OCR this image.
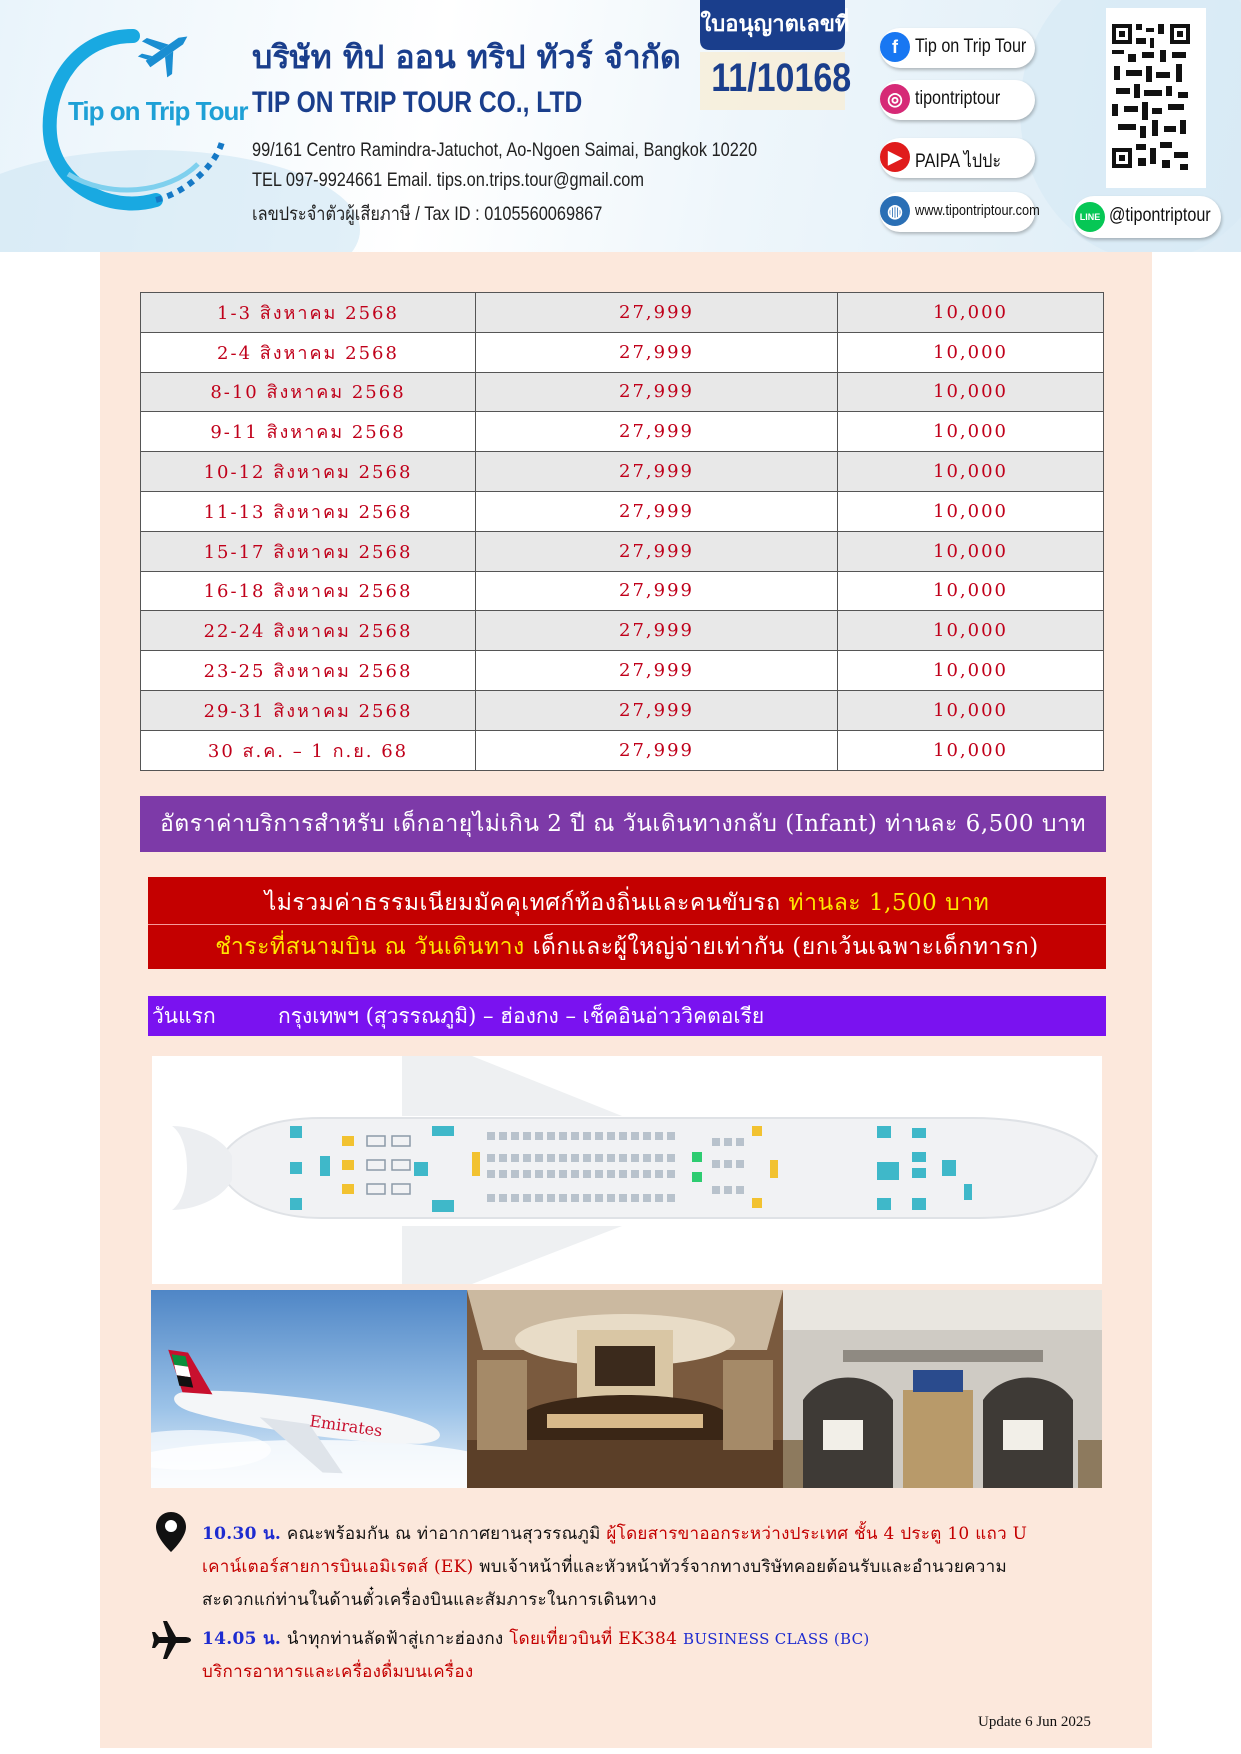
Tip on Trip Tour
บริษัท ทิป ออน ทริป ทัวร์ จำกัด
TIP ON TRIP TOUR CO., LTD
99/161 Centro Ramindra-Jatuchot, Ao-Ngoen Saimai, Bangkok 10220
TEL 097-9924661 Email. tips.on.trips.tour@gmail.com
เลขประจำตัวผู้เสียภาษี / Tax ID : 0105560069867
ใบอนุญาตเลขที่
11/10168
f Tip on Trip Tour
◎ tipontriptour
▶ PAIPA ไปปะ
◍ www.tipontriptour.com	LINE @tipontriptour
1-3 สิงหาคม 2568	27,999	10,000
2-4 สิงหาคม 2568	27,999	10,000
8-10 สิงหาคม 2568	27,999	10,000
9-11 สิงหาคม 2568	27,999	10,000
10-12 สิงหาคม 2568	27,999	10,000
11-13 สิงหาคม 2568	27,999	10,000
15-17 สิงหาคม 2568	27,999	10,000
16-18 สิงหาคม 2568	27,999	10,000
22-24 สิงหาคม 2568	27,999	10,000
23-25 สิงหาคม 2568	27,999	10,000
29-31 สิงหาคม 2568	27,999	10,000
30 ส.ค. – 1 ก.ย. 68	27,999	10,000
อัตราค่าบริการสำหรับ เด็กอายุไม่เกิน 2 ปี ณ วันเดินทางกลับ (Infant) ท่านละ 6,500 บาท
ไม่รวมค่าธรรมเนียมมัคคุเทศก์ท้องถิ่นและคนขับรถ ท่านละ 1,500 บาท
ชำระที่สนามบิน ณ วันเดินทาง เด็กและผู้ใหญ่จ่ายเท่ากัน (ยกเว้นเฉพาะเด็กทารก)
วันแรก	กรุงเทพฯ (สุวรรณภูมิ) – ฮ่องกง – เช็คอินอ่าววิคตอเรีย
Emirates
10.30 น. คณะพร้อมกัน ณ ท่าอากาศยานสุวรรณภูมิ ผู้โดยสารขาออกระหว่างประเทศ ชั้น 4 ประตู 10 แถว U
เคาน์เตอร์สายการบินเอมิเรตส์ (EK) พบเจ้าหน้าที่และหัวหน้าทัวร์จากทางบริษัทคอยต้อนรับและอำนวยความ
สะดวกแก่ท่านในด้านตั๋วเครื่องบินและสัมภาระในการเดินทาง
14.05 น. นำทุกท่านลัดฟ้าสู่เกาะฮ่องกง โดยเที่ยวบินที่ EK384 BUSINESS CLASS (BC)
บริการอาหารและเครื่องดื่มบนเครื่อง
Update 6 Jun 2025
